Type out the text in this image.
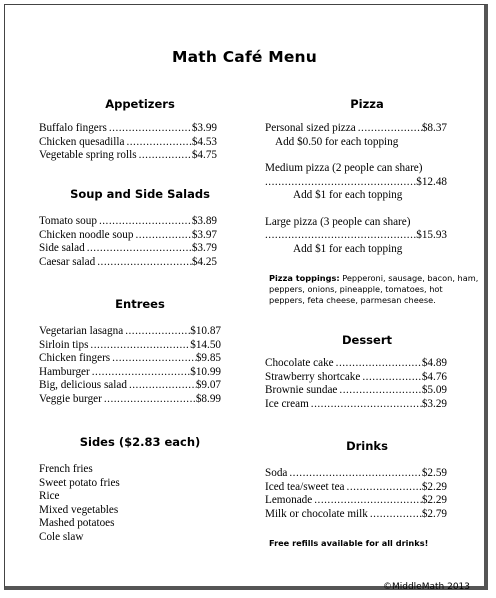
Math Café Menu
Appetizers
Buffalo fingers .....	$3.99
Chicken quesadilla .....	$4.53
Vegetable spring rolls .....	$4.75
Soup and Side Salads
Tomato soup .....	$3.89
Chicken noodle soup .....	$3.97
Side salad .....	$3.79
Caesar salad .....	$4.25
Entrees
Vegetarian lasagna .....	$10.87
Sirloin tips .....	$14.50
Chicken fingers .....	$9.85
Hamburger .....	$10.99
Big, delicious salad .....	$9.07
Veggie burger .....	$8.99
Sides ($2.83 each)
French fries
Sweet potato fries
Rice
Mixed vegetables
Mashed potatoes
Cole slaw
Pizza
Personal sized pizza .....	$8.37
Add $0.50 for each topping
Medium pizza (2 people can share)
.....
$12.48
Add $1 for each topping
Large pizza (3 people can share)
.....
$15.93
Add $1 for each topping
Pizza toppings: Pepperoni, sausage, bacon, ham, peppers, onions, pineapple, tomatoes, hot peppers, feta cheese, parmesan cheese.
Dessert
Chocolate cake .....	$4.89
Strawberry shortcake .....	$4.76
Brownie sundae .....	$5.09
Ice cream .....	$3.29
Drinks
Soda .....	$2.59
Iced tea/sweet tea .....	$2.29
Lemonade .....	$2.29
Milk or chocolate milk .....	$2.79
Free refills available for all drinks!
©MiddleMath 2013
